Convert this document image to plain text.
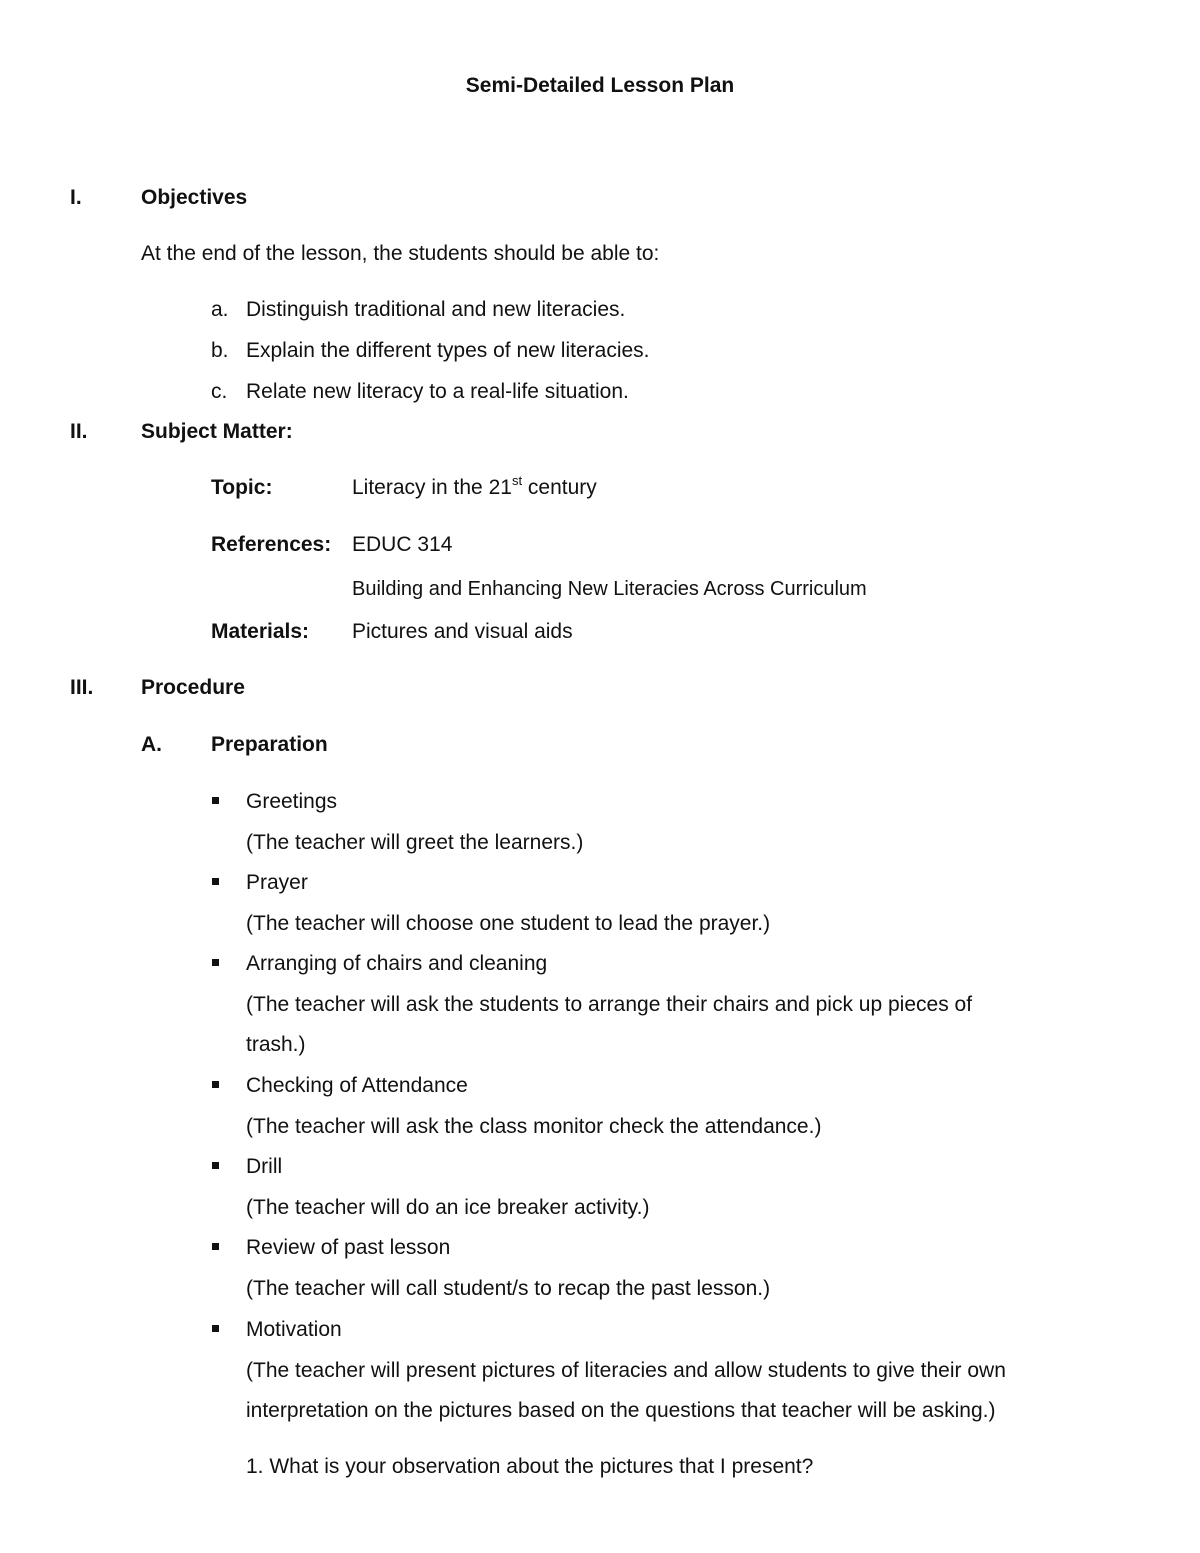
Semi-Detailed Lesson Plan
I.	Objectives
At the end of the lesson, the students should be able to:
a. Distinguish traditional and new literacies.
b. Explain the different types of new literacies.
c. Relate new literacy to a real-life situation.
II.	Subject Matter:
Topic:	Literacy in the 21st century
References: EDUC 314
Building and Enhancing New Literacies Across Curriculum
Materials: Pictures and visual aids
III. Procedure
A. Preparation
Greetings
(The teacher will greet the learners.)
Prayer
(The teacher will choose one student to lead the prayer.)
Arranging of chairs and cleaning
(The teacher will ask the students to arrange their chairs and pick up pieces of
trash.)
Checking of Attendance
(The teacher will ask the class monitor check the attendance.)
Drill
(The teacher will do an ice breaker activity.)
Review of past lesson
(The teacher will call student/s to recap the past lesson.)
Motivation
(The teacher will present pictures of literacies and allow students to give their own
interpretation on the pictures based on the questions that teacher will be asking.)
1. What is your observation about the pictures that I present?
